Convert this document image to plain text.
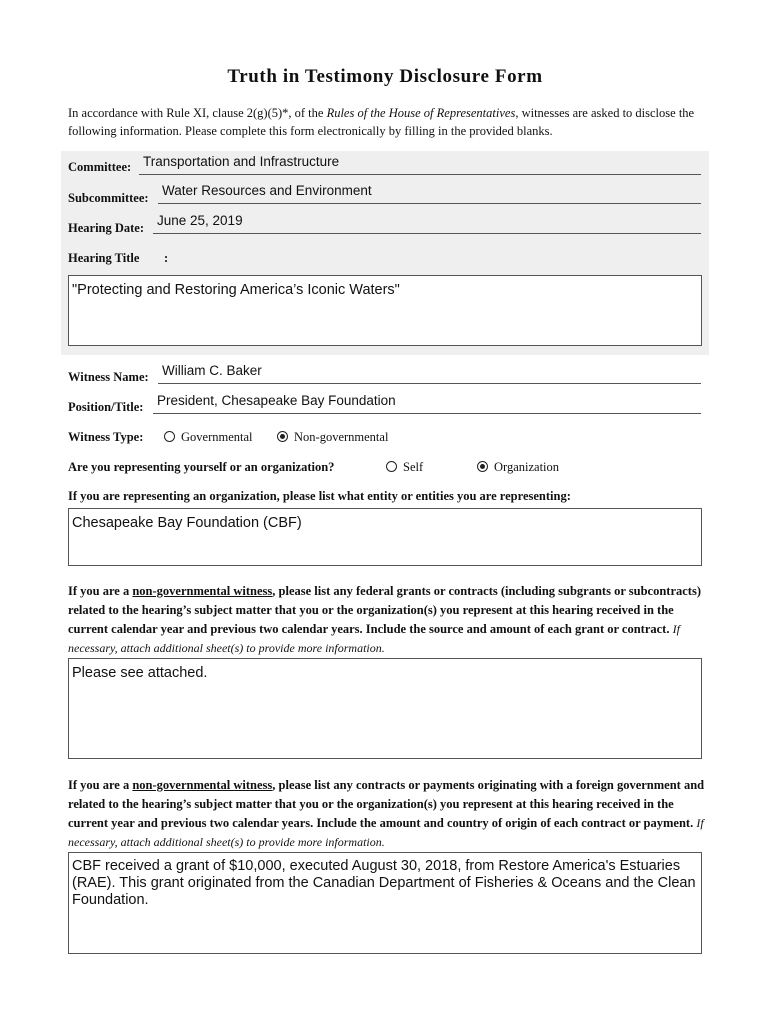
Truth in Testimony Disclosure Form
In accordance with Rule XI, clause 2(g)(5)*, of the Rules of the House of Representatives, witnesses are asked to disclose the following information. Please complete this form electronically by filling in the provided blanks.
Committee: Transportation and Infrastructure
Subcommittee: Water Resources and Environment
Hearing Date: June 25, 2019
Hearing Title :
"Protecting and Restoring America’s Iconic Waters"
Witness Name: William C. Baker
Position/Title: President, Chesapeake Bay Foundation
Witness Type:	Governmental	Non-governmental
Are you representing yourself or an organization?	Self	Organization
If you are representing an organization, please list what entity or entities you are representing:
Chesapeake Bay Foundation (CBF)
If you are a non-governmental witness, please list any federal grants or contracts (including subgrants or subcontracts) related to the hearing’s subject matter that you or the organization(s) you represent at this hearing received in the current calendar year and previous two calendar years. Include the source and amount of each grant or contract. If necessary, attach additional sheet(s) to provide more information.
Please see attached.
If you are a non-governmental witness, please list any contracts or payments originating with a foreign government and related to the hearing’s subject matter that you or the organization(s) you represent at this hearing received in the current year and previous two calendar years. Include the amount and country of origin of each contract or payment. If necessary, attach additional sheet(s) to provide more information.
CBF received a grant of $10,000, executed August 30, 2018, from Restore America's Estuaries (RAE). This grant originated from the Canadian Department of Fisheries & Oceans and the Clean Foundation.
